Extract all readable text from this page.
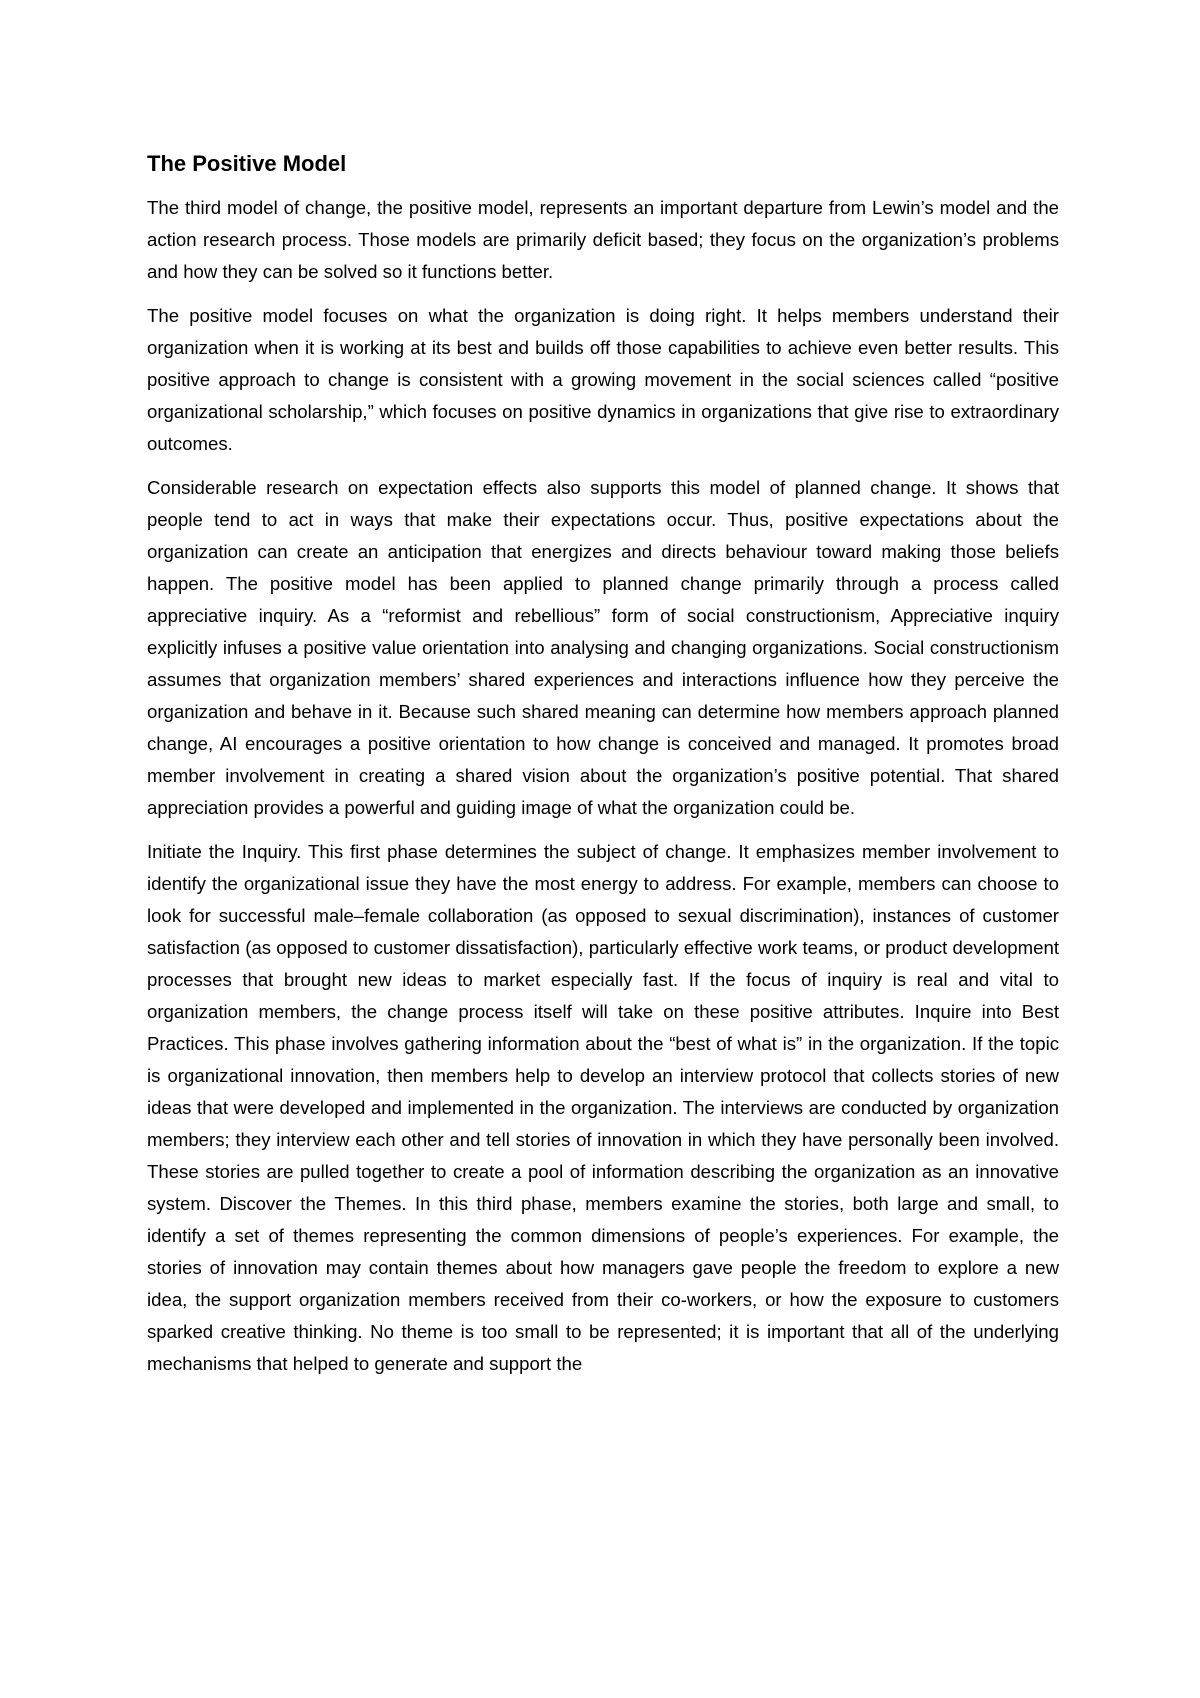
The Positive Model

The third model of change, the positive model, represents an important departure from Lewin’s model and the action research process. Those models are primarily deficit based; they focus on the organization’s problems and how they can be solved so it functions better.

The positive model focuses on what the organization is doing right. It helps members understand their organization when it is working at its best and builds off those capabilities to achieve even better results. This positive approach to change is consistent with a growing movement in the social sciences called “positive organizational scholarship,” which focuses on positive dynamics in organizations that give rise to extraordinary outcomes.

Considerable research on expectation effects also supports this model of planned change. It shows that people tend to act in ways that make their expectations occur. Thus, positive expectations about the organization can create an anticipation that energizes and directs behaviour toward making those beliefs happen. The positive model has been applied to planned change primarily through a process called appreciative inquiry. As a “reformist and rebellious” form of social constructionism, Appreciative inquiry explicitly infuses a positive value orientation into analysing and changing organizations. Social constructionism assumes that organization members’ shared experiences and interactions influence how they perceive the organization and behave in it. Because such shared meaning can determine how members approach planned change, AI encourages a positive orientation to how change is conceived and managed. It promotes broad member involvement in creating a shared vision about the organization’s positive potential. That shared appreciation provides a powerful and guiding image of what the organization could be.

Initiate the Inquiry. This first phase determines the subject of change. It emphasizes member involvement to identify the organizational issue they have the most energy to address. For example, members can choose to look for successful male–female collaboration (as opposed to sexual discrimination), instances of customer satisfaction (as opposed to customer dissatisfaction), particularly effective work teams, or product development processes that brought new ideas to market especially fast. If the focus of inquiry is real and vital to organization members, the change process itself will take on these positive attributes. Inquire into Best Practices. This phase involves gathering information about the “best of what is” in the organization. If the topic is organizational innovation, then members help to develop an interview protocol that collects stories of new ideas that were developed and implemented in the organization. The interviews are conducted by organization members; they interview each other and tell stories of innovation in which they have personally been involved. These stories are pulled together to create a pool of information describing the organization as an innovative system. Discover the Themes. In this third phase, members examine the stories, both large and small, to identify a set of themes representing the common dimensions of people’s experiences. For example, the stories of innovation may contain themes about how managers gave people the freedom to explore a new idea, the support organization members received from their co-workers, or how the exposure to customers sparked creative thinking. No theme is too small to be represented; it is important that all of the underlying mechanisms that helped to generate and support the
